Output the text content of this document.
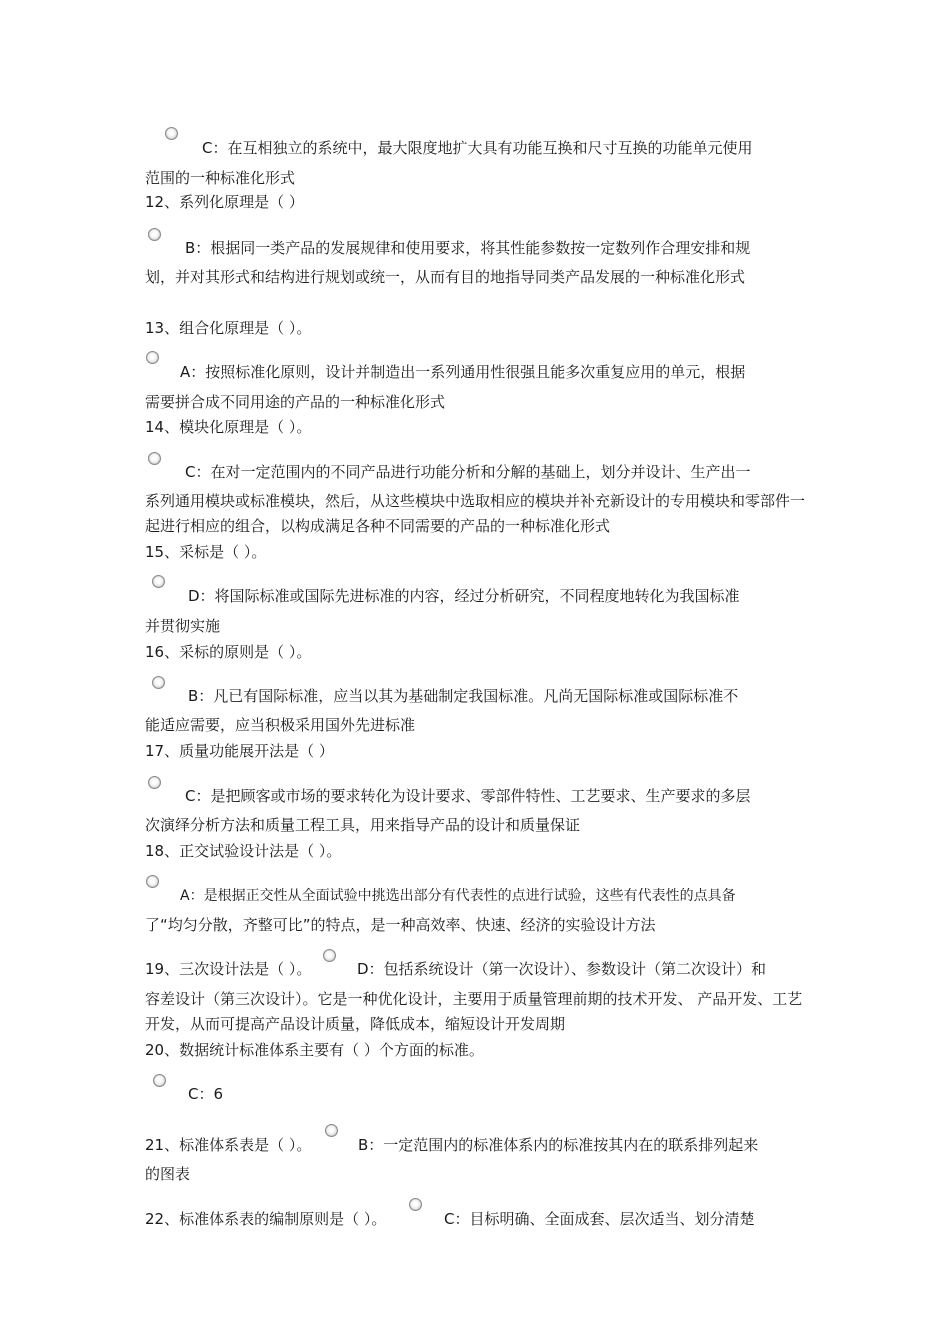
C：在互相独立的系统中，最大限度地扩大具有功能互换和尺寸互换的功能单元使用
范围的一种标准化形式
12、系列化原理是（ ）
B：根据同一类产品的发展规律和使用要求，将其性能参数按一定数列作合理安排和规
划，并对其形式和结构进行规划或统一，从而有目的地指导同类产品发展的一种标准化形式
13、组合化原理是（ ）。
A：按照标准化原则，设计并制造出一系列通用性很强且能多次重复应用的单元，根据
需要拼合成不同用途的产品的一种标准化形式
14、模块化原理是（ ）。
C：在对一定范围内的不同产品进行功能分析和分解的基础上，划分并设计、生产出一
系列通用模块或标准模块，然后，从这些模块中选取相应的模块并补充新设计的专用模块和零部件一起进行相应的组合，以构成满足各种不同需要的产品的一种标准化形式
15、采标是（ ）。
D：将国际标准或国际先进标准的内容，经过分析研究，不同程度地转化为我国标准
并贯彻实施
16、采标的原则是（ ）。
B：凡已有国际标准，应当以其为基础制定我国标准。凡尚无国际标准或国际标准不
能适应需要，应当积极采用国外先进标准
17、质量功能展开法是（ ）
C：是把顾客或市场的要求转化为设计要求、零部件特性、工艺要求、生产要求的多层
次演绎分析方法和质量工程工具，用来指导产品的设计和质量保证
18、正交试验设计法是（ ）。
A：是根据正交性从全面试验中挑选出部分有代表性的点进行试验，这些有代表性的点具备
了“均匀分散，齐整可比”的特点，是一种高效率、快速、经济的实验设计方法
19、三次设计法是（ ）。	D：包括系统设计（第一次设计）、参数设计（第二次设计）和
容差设计（第三次设计）。它是一种优化设计，主要用于质量管理前期的技术开发、 产品开发、工艺开发，从而可提高产品设计质量，降低成本，缩短设计开发周期
20、数据统计标准体系主要有（ ）个方面的标准。
C：6
21、标准体系表是（ ）。	B：一定范围内的标准体系内的标准按其内在的联系排列起来
的图表
22、标准体系表的编制原则是（ ）。	C：目标明确、全面成套、层次适当、划分清楚
